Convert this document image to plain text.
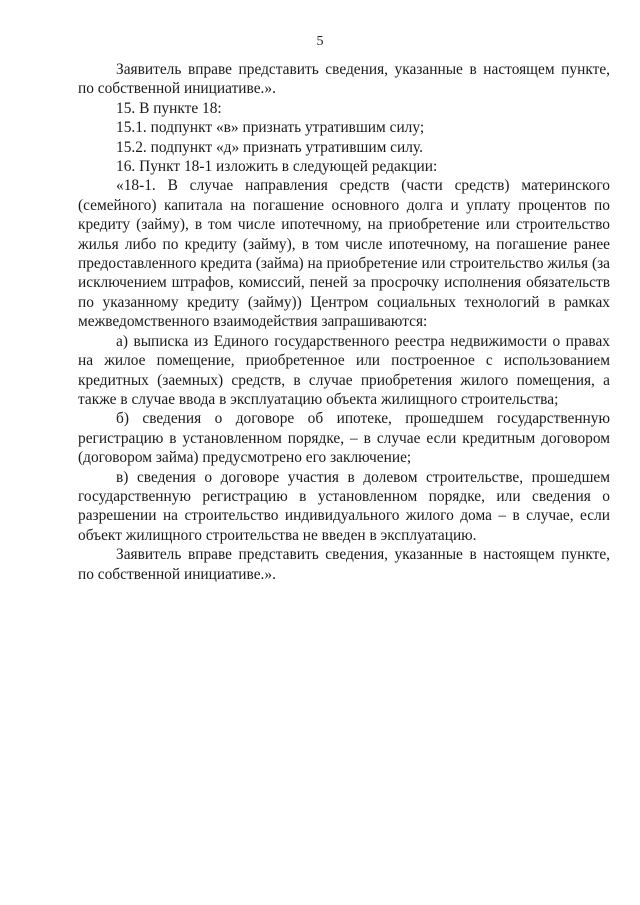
5

Заявитель вправе представить сведения, указанные в настоящем пункте, по собственной инициативе.».

15. В пункте 18:

15.1. подпункт «в» признать утратившим силу;

15.2. подпункт «д» признать утратившим силу.

16. Пункт 18-1 изложить в следующей редакции:

«18-1. В случае направления средств (части средств) материнского (семейного) капитала на погашение основного долга и уплату процентов по кредиту (займу), в том числе ипотечному, на приобретение или строительство жилья либо по кредиту (займу), в том числе ипотечному, на погашение ранее предоставленного кредита (займа) на приобретение или строительство жилья (за исключением штрафов, комиссий, пеней за просрочку исполнения обязательств по указанному кредиту (займу)) Центром социальных технологий в рамках межведомственного взаимодействия запрашиваются:

а) выписка из Единого государственного реестра недвижимости о правах на жилое помещение, приобретенное или построенное с использованием кредитных (заемных) средств, в случае приобретения жилого помещения, а также в случае ввода в эксплуатацию объекта жилищного строительства;

б) сведения о договоре об ипотеке, прошедшем государственную регистрацию в установленном порядке, – в случае если кредитным договором (договором займа) предусмотрено его заключение;

в) сведения о договоре участия в долевом строительстве, прошедшем государственную регистрацию в установленном порядке, или сведения о разрешении на строительство индивидуального жилого дома – в случае, если объект жилищного строительства не введен в эксплуатацию.

Заявитель вправе представить сведения, указанные в настоящем пункте, по собственной инициативе.».
